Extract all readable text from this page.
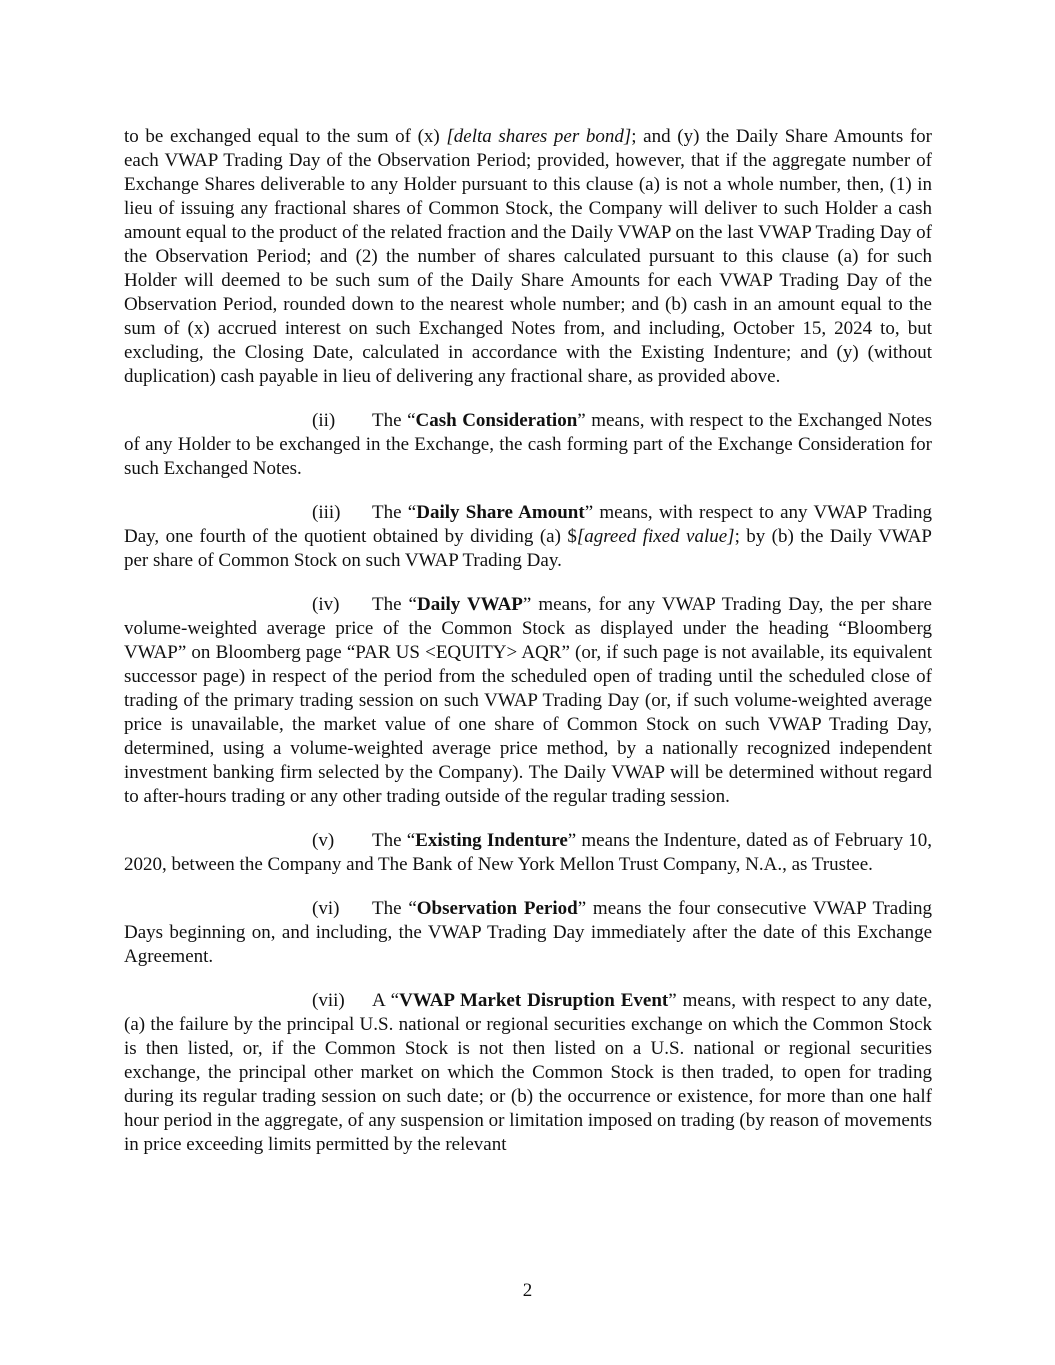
to be exchanged equal to the sum of (x) [delta shares per bond]; and (y) the Daily Share Amounts for each VWAP Trading Day of the Observation Period; provided, however, that if the aggregate number of Exchange Shares deliverable to any Holder pursuant to this clause (a) is not a whole number, then, (1) in lieu of issuing any fractional shares of Common Stock, the Company will deliver to such Holder a cash amount equal to the product of the related fraction and the Daily VWAP on the last VWAP Trading Day of the Observation Period; and (2) the number of shares calculated pursuant to this clause (a) for such Holder will deemed to be such sum of the Daily Share Amounts for each VWAP Trading Day of the Observation Period, rounded down to the nearest whole number; and (b) cash in an amount equal to the sum of (x) accrued interest on such Exchanged Notes from, and including, October 15, 2024 to, but excluding, the Closing Date, calculated in accordance with the Existing Indenture; and (y) (without duplication) cash payable in lieu of delivering any fractional share, as provided above.

(ii) The “Cash Consideration” means, with respect to the Exchanged Notes of any Holder to be exchanged in the Exchange, the cash forming part of the Exchange Consideration for such Exchanged Notes.

(iii) The “Daily Share Amount” means, with respect to any VWAP Trading Day, one fourth of the quotient obtained by dividing (a) $[agreed fixed value]; by (b) the Daily VWAP per share of Common Stock on such VWAP Trading Day.

(iv) The “Daily VWAP” means, for any VWAP Trading Day, the per share volume-weighted average price of the Common Stock as displayed under the heading “Bloomberg VWAP” on Bloomberg page “PAR US <EQUITY> AQR” (or, if such page is not available, its equivalent successor page) in respect of the period from the scheduled open of trading until the scheduled close of trading of the primary trading session on such VWAP Trading Day (or, if such volume-weighted average price is unavailable, the market value of one share of Common Stock on such VWAP Trading Day, determined, using a volume-weighted average price method, by a nationally recognized independent investment banking firm selected by the Company). The Daily VWAP will be determined without regard to after-hours trading or any other trading outside of the regular trading session.

(v) The “Existing Indenture” means the Indenture, dated as of February 10, 2020, between the Company and The Bank of New York Mellon Trust Company, N.A., as Trustee.

(vi) The “Observation Period” means the four consecutive VWAP Trading Days beginning on, and including, the VWAP Trading Day immediately after the date of this Exchange Agreement.

(vii) A “VWAP Market Disruption Event” means, with respect to any date, (a) the failure by the principal U.S. national or regional securities exchange on which the Common Stock is then listed, or, if the Common Stock is not then listed on a U.S. national or regional securities exchange, the principal other market on which the Common Stock is then traded, to open for trading during its regular trading session on such date; or (b) the occurrence or existence, for more than one half hour period in the aggregate, of any suspension or limitation imposed on trading (by reason of movements in price exceeding limits permitted by the relevant

2
